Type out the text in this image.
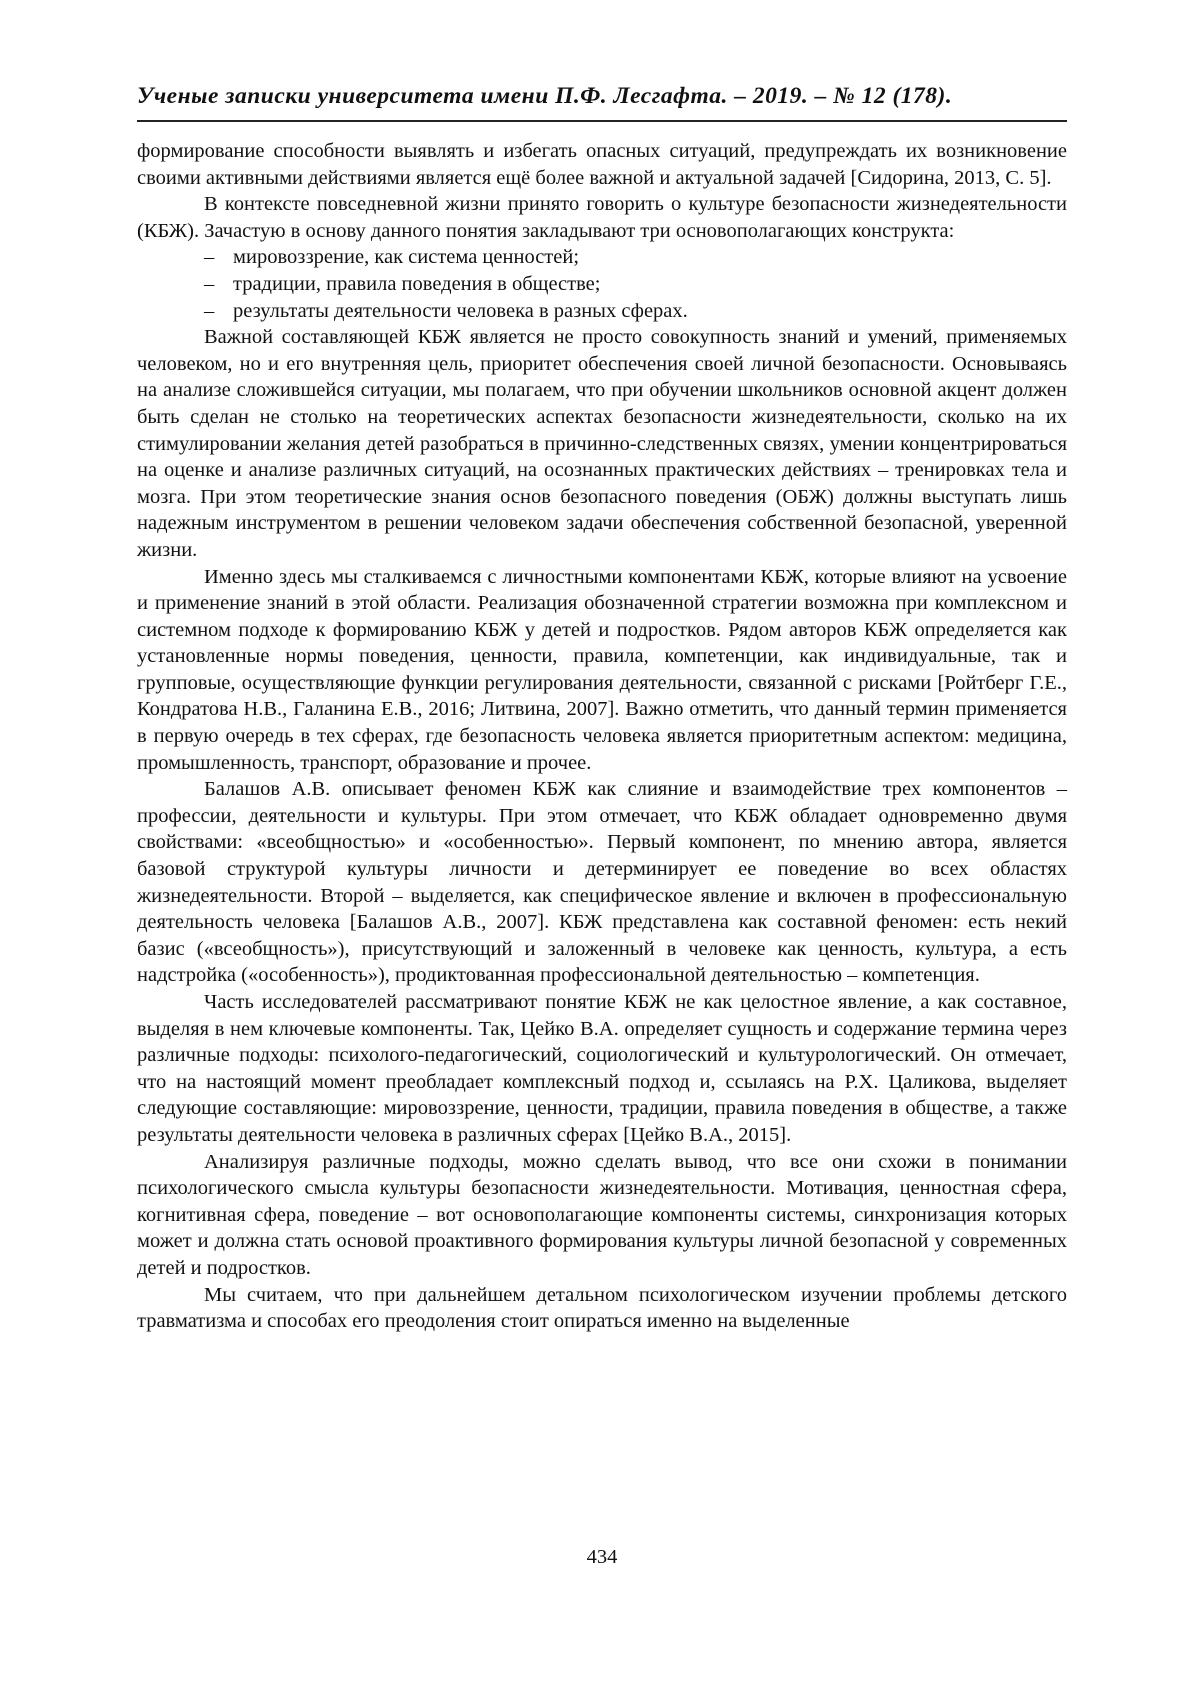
Ученые записки университета имени П.Ф. Лесгафта. – 2019. – № 12 (178).

формирование способности выявлять и избегать опасных ситуаций, предупреждать их возникновение своими активными действиями является ещё более важной и актуальной задачей [Сидорина, 2013, С. 5].

В контексте повседневной жизни принято говорить о культуре безопасности жизнедеятельности (КБЖ). Зачастую в основу данного понятия закладывают три основополагающих конструкта:

– мировоззрение, как система ценностей;
– традиции, правила поведения в обществе;
– результаты деятельности человека в разных сферах.

Важной составляющей КБЖ является не просто совокупность знаний и умений, применяемых человеком, но и его внутренняя цель, приоритет обеспечения своей личной безопасности. Основываясь на анализе сложившейся ситуации, мы полагаем, что при обучении школьников основной акцент должен быть сделан не столько на теоретических аспектах безопасности жизнедеятельности, сколько на их стимулировании желания детей разобраться в причинно-следственных связях, умении концентрироваться на оценке и анализе различных ситуаций, на осознанных практических действиях – тренировках тела и мозга. При этом теоретические знания основ безопасного поведения (ОБЖ) должны выступать лишь надежным инструментом в решении человеком задачи обеспечения собственной безопасной, уверенной жизни.

Именно здесь мы сталкиваемся с личностными компонентами КБЖ, которые влияют на усвоение и применение знаний в этой области. Реализация обозначенной стратегии возможна при комплексном и системном подходе к формированию КБЖ у детей и подростков. Рядом авторов КБЖ определяется как установленные нормы поведения, ценности, правила, компетенции, как индивидуальные, так и групповые, осуществляющие функции регулирования деятельности, связанной с рисками [Ройтберг Г.Е., Кондратова Н.В., Галанина Е.В., 2016; Литвина, 2007]. Важно отметить, что данный термин применяется в первую очередь в тех сферах, где безопасность человека является приоритетным аспектом: медицина, промышленность, транспорт, образование и прочее.

Балашов А.В. описывает феномен КБЖ как слияние и взаимодействие трех компонентов – профессии, деятельности и культуры. При этом отмечает, что КБЖ обладает одновременно двумя свойствами: «всеобщностью» и «особенностью». Первый компонент, по мнению автора, является базовой структурой культуры личности и детерминирует ее поведение во всех областях жизнедеятельности. Второй – выделяется, как специфическое явление и включен в профессиональную деятельность человека [Балашов А.В., 2007]. КБЖ представлена как составной феномен: есть некий базис («всеобщность»), присутствующий и заложенный в человеке как ценность, культура, а есть надстройка («особенность»), продиктованная профессиональной деятельностью – компетенция.

Часть исследователей рассматривают понятие КБЖ не как целостное явление, а как составное, выделяя в нем ключевые компоненты. Так, Цейко В.А. определяет сущность и содержание термина через различные подходы: психолого-педагогический, социологический и культурологический. Он отмечает, что на настоящий момент преобладает комплексный подход и, ссылаясь на Р.Х. Цаликова, выделяет следующие составляющие: мировоззрение, ценности, традиции, правила поведения в обществе, а также результаты деятельности человека в различных сферах [Цейко В.А., 2015].

Анализируя различные подходы, можно сделать вывод, что все они схожи в понимании психологического смысла культуры безопасности жизнедеятельности. Мотивация, ценностная сфера, когнитивная сфера, поведение – вот основополагающие компоненты системы, синхронизация которых может и должна стать основой проактивного формирования культуры личной безопасной у современных детей и подростков.

Мы считаем, что при дальнейшем детальном психологическом изучении проблемы детского травматизма и способах его преодоления стоит опираться именно на выделенные

434
